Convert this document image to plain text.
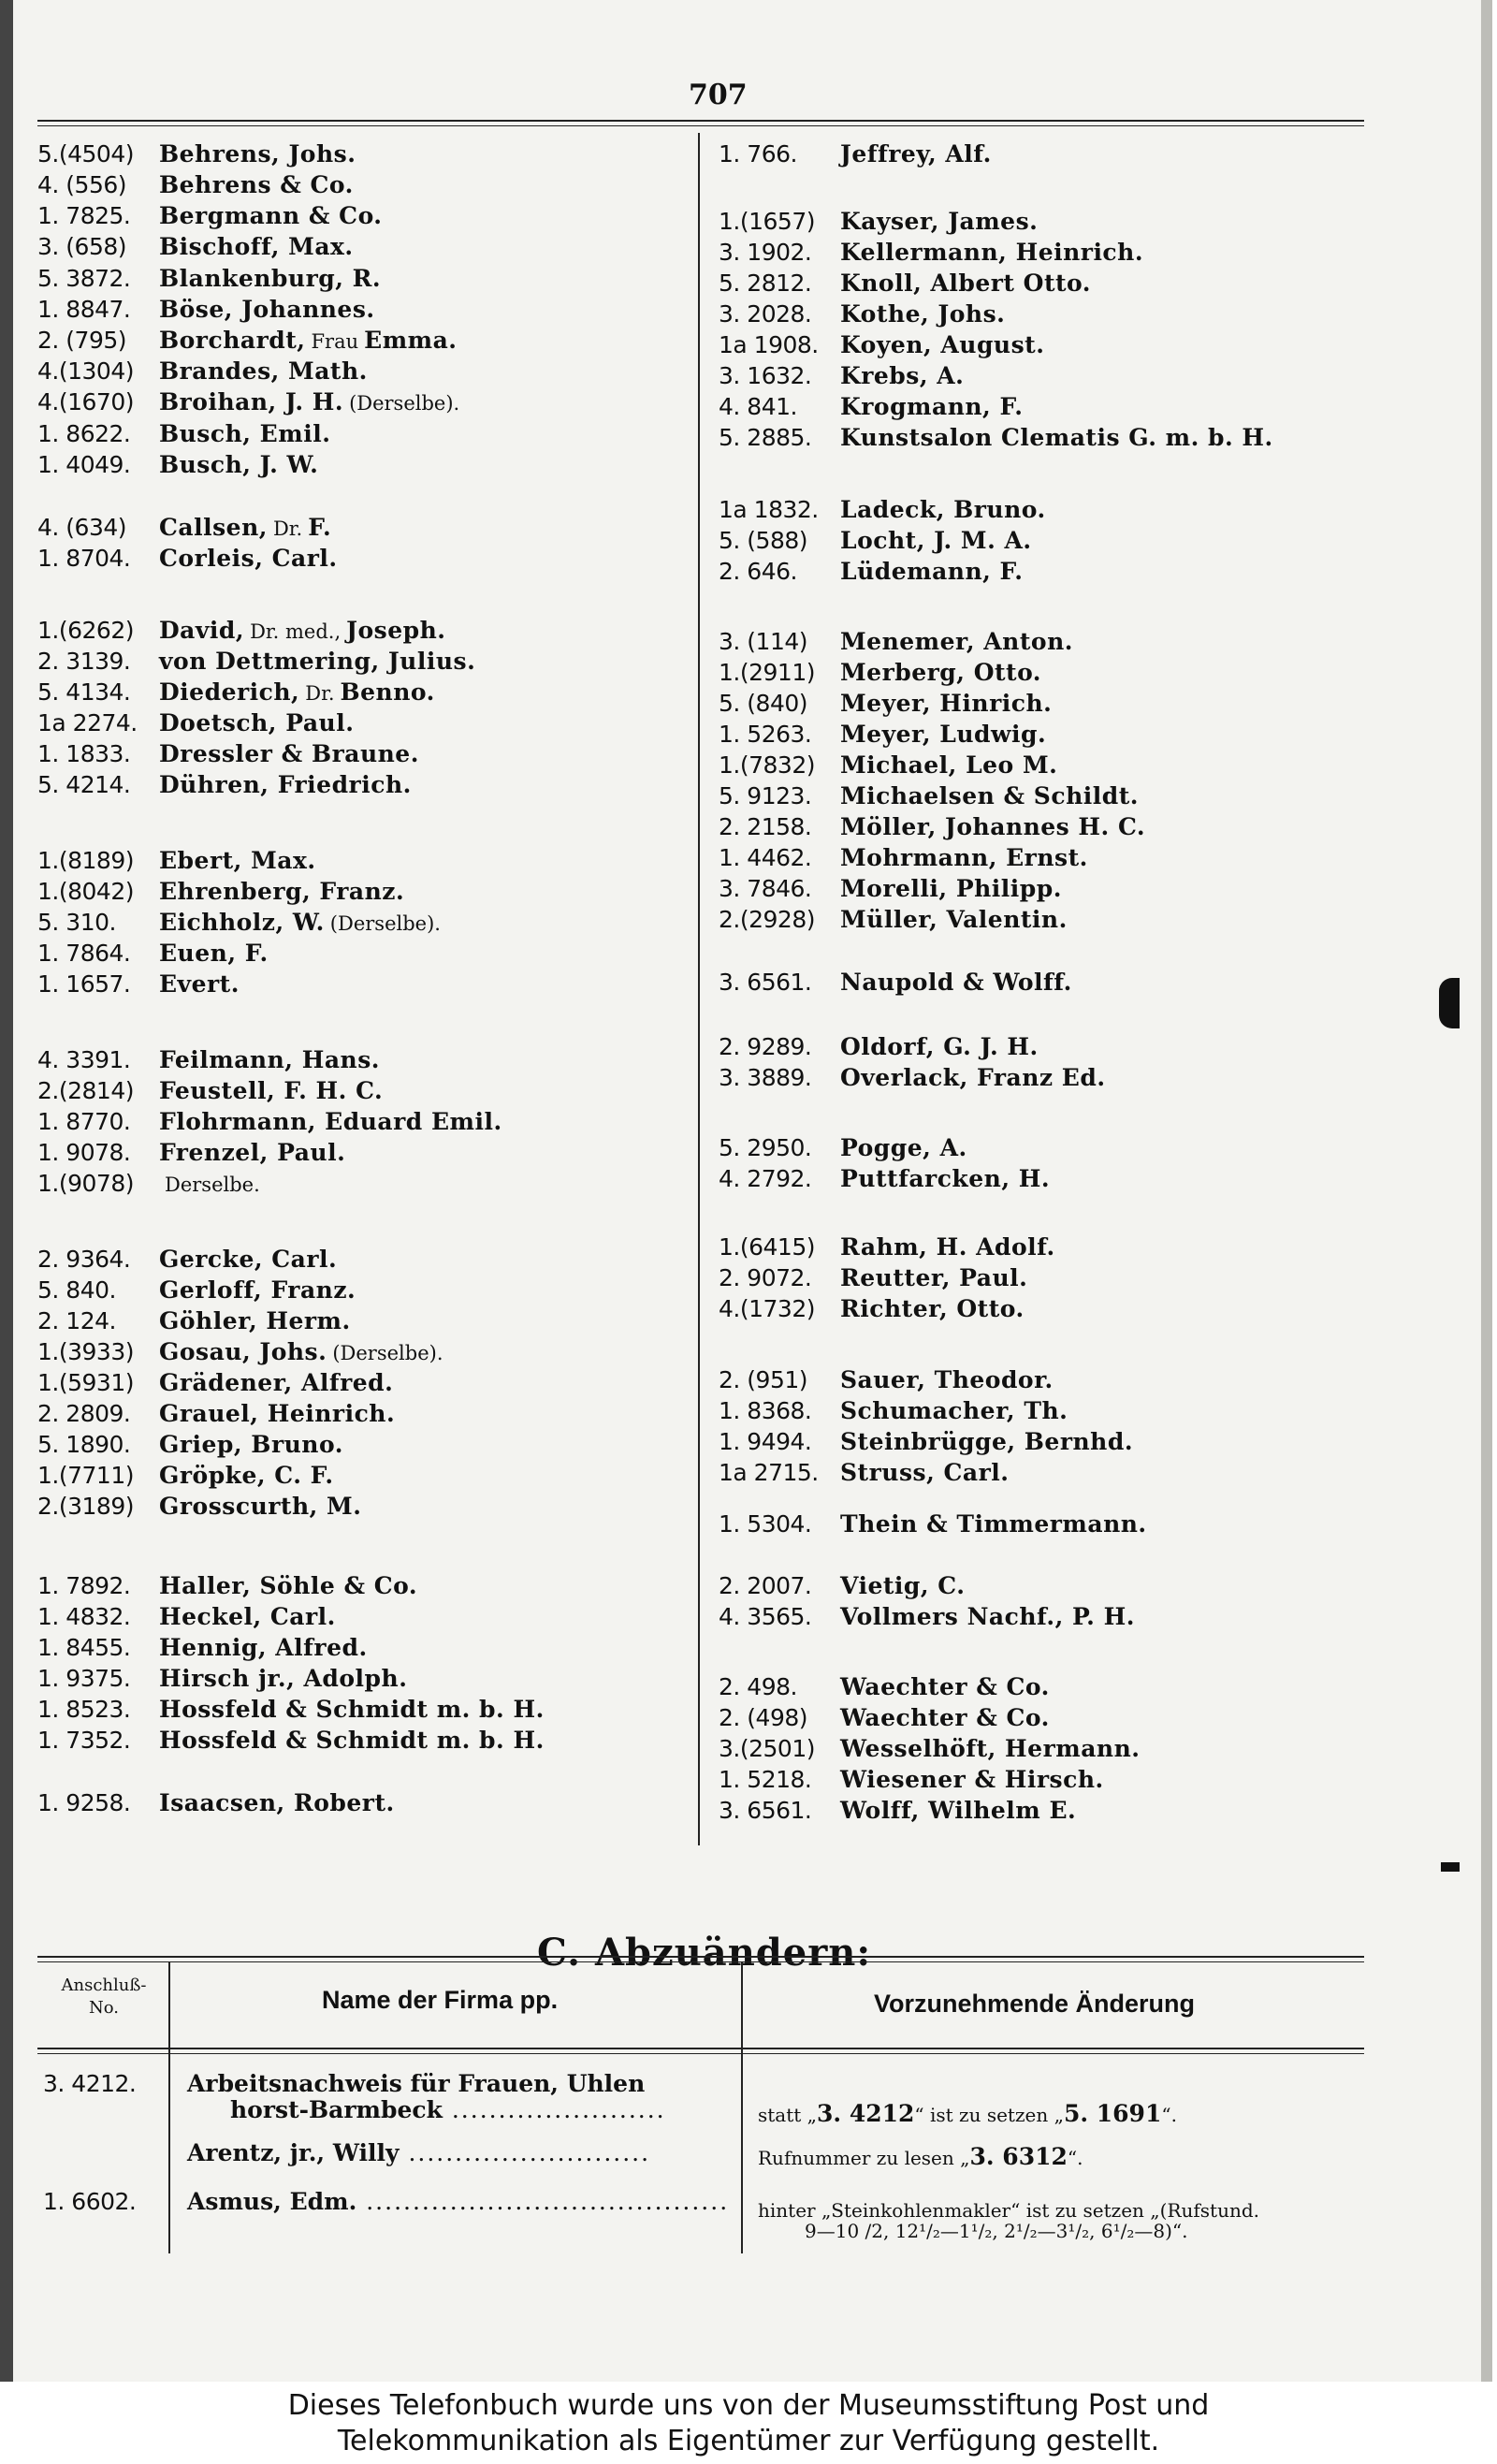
707
5.(4504)	Behrens, Johs.
4. (556)	Behrens & Co.
1. 7825.	Bergmann & Co.
3. (658)	Bischoff, Max.
5. 3872.	Blankenburg, R.
1. 8847.	Böse, Johannes.
2. (795)	Borchardt, Frau Emma.
4.(1304)	Brandes, Math.
4.(1670)	Broihan, J. H. (Derselbe).
1. 8622.	Busch, Emil.
1. 4049.	Busch, J. W.
4. (634)	Callsen, Dr. F.
1. 8704.	Corleis, Carl.
1.(6262)	David, Dr. med., Joseph.
2. 3139.	von Dettmering, Julius.
5. 4134.	Diederich, Dr. Benno.
1a 2274. Doetsch, Paul.
1. 1833.	Dressler & Braune.
5. 4214.	Dühren, Friedrich.
1.(8189)	Ebert, Max.
1.(8042)	Ehrenberg, Franz.
5. 310.	Eichholz, W. (Derselbe).
1. 7864.	Euen, F.
1. 1657.	Evert.
4. 3391.	Feilmann, Hans.
2.(2814)	Feustell, F. H. C.
1. 8770.	Flohrmann, Eduard Emil.
1. 9078.	Frenzel, Paul.
1.(9078)	Derselbe.
2. 9364.	Gercke, Carl.
5. 840.	Gerloff, Franz.
2. 124.	Göhler, Herm.
1.(3933)	Gosau, Johs. (Derselbe).
1.(5931)	Grädener, Alfred.
2. 2809.	Grauel, Heinrich.
5. 1890.	Griep, Bruno.
1.(7711)	Gröpke, C. F.
2.(3189)	Grosscurth, M.
1. 7892.	Haller, Söhle & Co.
1. 4832.	Heckel, Carl.
1. 8455.	Hennig, Alfred.
1. 9375.	Hirsch jr., Adolph.
1. 8523.	Hossfeld & Schmidt m. b. H.
1. 7352.	Hossfeld & Schmidt m. b. H.
1. 9258.	Isaacsen, Robert.
1. 766.	Jeffrey, Alf.
1.(1657)	Kayser, James.
3. 1902.	Kellermann, Heinrich.
5. 2812.	Knoll, Albert Otto.
3. 2028.	Kothe, Johs.
1a 1908. Koyen, August.
3. 1632.	Krebs, A.
4. 841.	Krogmann, F.
5. 2885.	Kunstsalon Clematis G. m. b. H.
1a 1832. Ladeck, Bruno.
5. (588)	Locht, J. M. A.
2. 646.	Lüdemann, F.
3. (114)	Menemer, Anton.
1.(2911)	Merberg, Otto.
5. (840)	Meyer, Hinrich.
1. 5263.	Meyer, Ludwig.
1.(7832)	Michael, Leo M.
5. 9123.	Michaelsen & Schildt.
2. 2158.	Möller, Johannes H. C.
1. 4462.	Mohrmann, Ernst.
3. 7846.	Morelli, Philipp.
2.(2928)	Müller, Valentin.
3. 6561.	Naupold & Wolff.
2. 9289.	Oldorf, G. J. H.
3. 3889.	Overlack, Franz Ed.
5. 2950.	Pogge, A.
4. 2792.	Puttfarcken, H.
1.(6415)	Rahm, H. Adolf.
2. 9072.	Reutter, Paul.
4.(1732)	Richter, Otto.
2. (951)	Sauer, Theodor.
1. 8368.	Schumacher, Th.
1. 9494.	Steinbrügge, Bernhd.
1a 2715. Struss, Carl.
1. 5304.	Thein & Timmermann.
2. 2007.	Vietig, C.
4. 3565.	Vollmers Nachf., P. H.
2. 498.	Waechter & Co.
2. (498)	Waechter & Co.
3.(2501)	Wesselhöft, Hermann.
1. 5218.	Wiesener & Hirsch.
3. 6561.	Wolff, Wilhelm E.
C. Abzuändern:
Anschluß-
No.	Name der Firma pp.	Vorzunehmende Änderung
3. 4212. Arbeitsnachweis für Frauen, Uhlen
horst-Barmbeck .......................	statt „3. 4212“ ist zu setzen „5. 1691“.
Arentz, jr., Willy ..........................	Rufnummer zu lesen „3. 6312“.
1. 6602. Asmus, Edm. ....................................... hinter „Steinkohlenmakler“ ist zu setzen „(Rufstund.
9—10 /2, 12¹/₂—1¹/₂, 2¹/₂—3¹/₂, 6¹/₂—8)“.
Dieses Telefonbuch wurde uns von der Museumsstiftung Post und
Telekommunikation als Eigentümer zur Verfügung gestellt.
